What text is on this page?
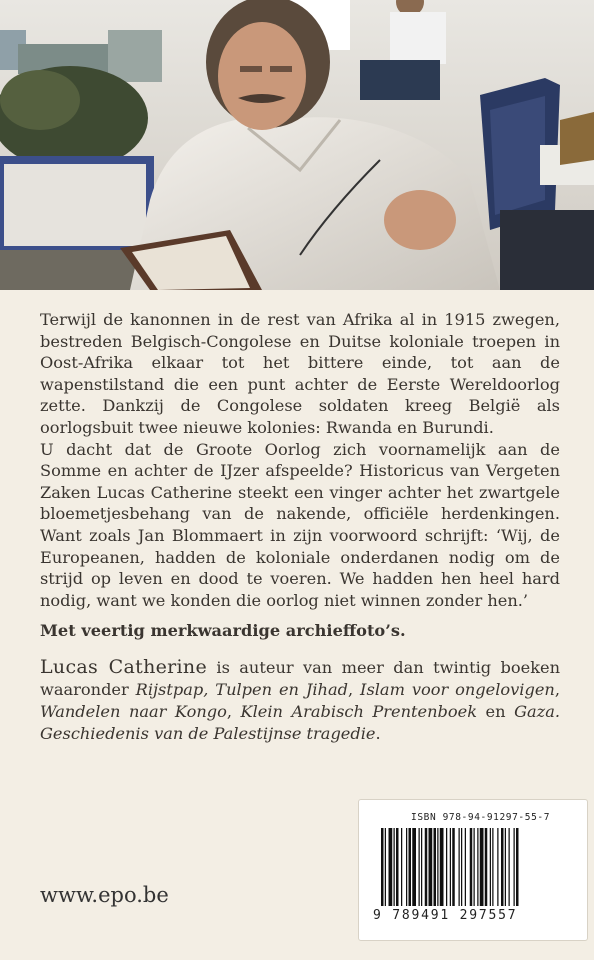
Terwijl de kanonnen in de rest van Afrika al in 1915 zwegen, bestreden Belgisch-Congolese en Duitse koloniale troepen in Oost-Afrika elkaar tot het bittere einde, tot aan de wapenstilstand die een punt achter de Eerste Wereldoorlog zette. Dankzij de Congolese soldaten kreeg België als oorlogsbuit twee nieuwe kolonies: Rwanda en Burundi.

U dacht dat de Groote Oorlog zich voornamelijk aan de Somme en achter de IJzer afspeelde? Historicus van Vergeten Zaken Lucas Catherine steekt een vinger achter het zwartgele bloemetjesbehang van de nakende, officiële herdenkingen. Want zoals Jan Blommaert in zijn voorwoord schrijft: ‘Wij, de Europeanen, hadden de koloniale onderdanen nodig om de strijd op leven en dood te voeren. We hadden hen heel hard nodig, want we konden die oorlog niet winnen zonder hen.’

Met veertig merkwaardige archieffoto’s.

Lucas Catherine is auteur van meer dan twintig boeken waaronder Rijstpap, Tulpen en Jihad, Islam voor ongelovigen, Wandelen naar Kongo, Klein Arabisch Prentenboek en Gaza. Geschiedenis van de Palestijnse tragedie.

www.epo.be
ISBN 978-94-91297-55-7
9 789491 297557
